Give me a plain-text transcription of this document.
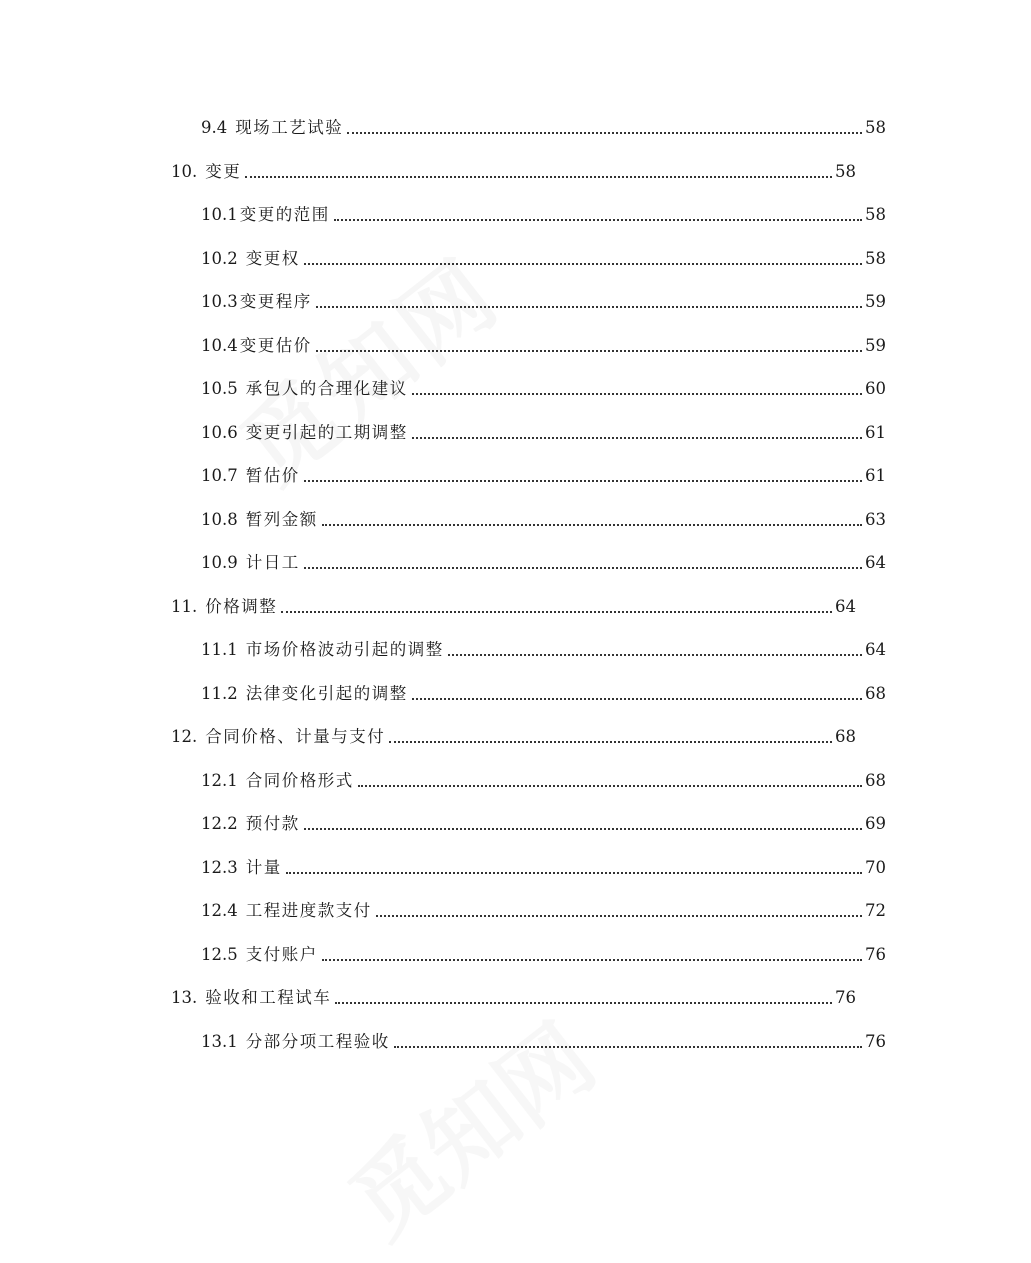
9.4 现场工艺试验	58
10. 变更	58
10.1 变更的范围	58
10.2 变更权	58
10.3 变更程序	59
10.4 变更估价	59
10.5 承包人的合理化建议	60
10.6 变更引起的工期调整	61
10.7 暂估价	61
10.8 暂列金额	63
10.9 计日工	64
11. 价格调整	64
11.1 市场价格波动引起的调整	64
11.2 法律变化引起的调整	68
12. 合同价格、计量与支付	68
12.1 合同价格形式	68
12.2 预付款	69
12.3 计量	70
12.4 工程进度款支付	72
12.5 支付账户	76
13. 验收和工程试车	76
13.1 分部分项工程验收	76
